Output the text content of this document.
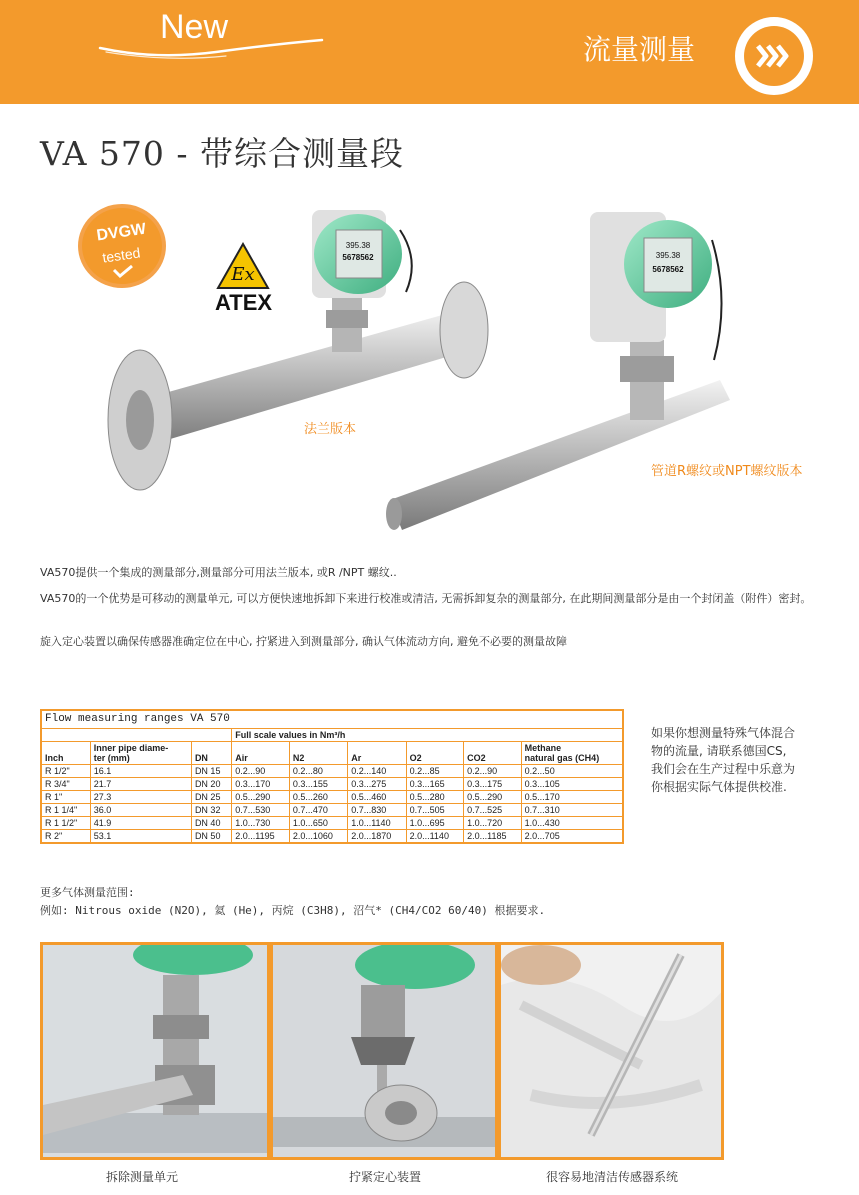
New
流量测量
VA 570 - 带综合测量段
DVGW
tested
Ex
ATEX
395.38
5678562	395.38
5678562
法兰版本
管道R螺纹或NPT螺纹版本
VA570提供一个集成的测量部分,测量部分可用法兰版本, 或R /NPT 螺纹..
VA570的一个优势是可移动的测量单元, 可以方便快速地拆卸下来进行校准或清洁, 无需拆卸复杂的测量部分, 在此期间测量部分是由一个封闭盖（附件）密封。
旋入定心装置以确保传感器准确定位在中心, 拧紧进入到测量部分, 确认气体流动方向, 避免不必要的测量故障
Flow measuring ranges VA 570								
			Full scale values in Nm³/h					
Inch	Inner pipe diame-
ter (mm)	DN	Air	N2	Ar	O2	CO2	Methane
natural gas (CH4)
R 1/2"	16.1	DN 15	0.2...90	0.2...80	0.2...140	0.2...85	0.2...90	0.2...50
R 3/4"	21.7	DN 20	0.3...170	0.3...155	0.3...275	0.3...165	0.3...175	0.3...105
R 1"	27.3	DN 25	0.5...290	0.5...260	0.5...460	0.5...280	0.5...290	0.5...170
R 1 1/4"	36.0	DN 32	0.7...530	0.7...470	0.7...830	0.7...505	0.7...525	0.7...310
R 1 1/2"	41.9	DN 40	1.0...730	1.0...650	1.0...1140	1.0...695	1.0...720	1.0...430
R 2"	53.1	DN 50	2.0...1195	2.0...1060	2.0...1870	2.0...1140	2.0...1185	2.0...705
如果你想测量特殊气体混合物的流量, 请联系德国CS, 我们会在生产过程中乐意为你根据实际气体提供校准.
更多气体测量范围:
例如: Nitrous oxide (N2O), 氦 (He), 丙烷 (C3H8), 沼气* (CH4/CO2 60/40) 根据要求.
拆除测量单元	拧紧定心装置	很容易地清洁传感器系统
